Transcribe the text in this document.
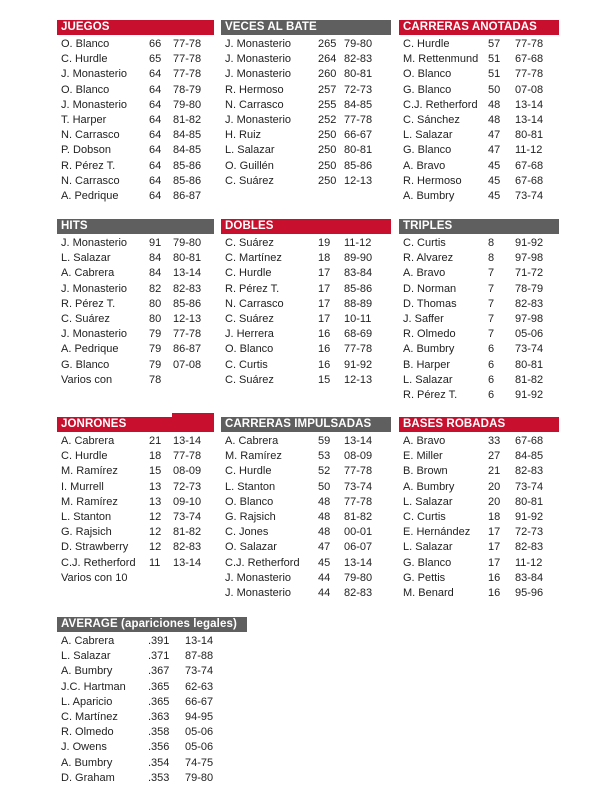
JUEGOS
O. Blanco	66 77-78
C. Hurdle	65 77-78
J. Monasterio 64 77-78
O. Blanco	64 78-79
J. Monasterio 64 79-80
T. Harper	64 81-82
N. Carrasco	64 84-85
P. Dobson	64 84-85
R. Pérez T.	64 85-86
N. Carrasco	64 85-86
A. Pedrique	64 86-87
VECES AL BATE
J. Monasterio 265 79-80
J. Monasterio 264 82-83
J. Monasterio 260 80-81
R. Hermoso	257 72-73
N. Carrasco	255 84-85
J. Monasterio 252 77-78
H. Ruiz	250 66-67
L. Salazar	250 80-81
O. Guillén	250 85-86
C. Suárez	250 12-13
CARRERAS ANOTADAS
C. Hurdle	57 77-78
M. Rettenmund 51 67-68
O. Blanco	51 77-78
G. Blanco	50 07-08
C.J. Retherford 48 13-14
C. Sánchez	48 13-14
L. Salazar	47 80-81
G. Blanco	47 11-12
A. Bravo	45 67-68
R. Hermoso 45 67-68
A. Bumbry	45 73-74
HITS
J. Monasterio 91 79-80
L. Salazar	84 80-81
A. Cabrera	84 13-14
J. Monasterio 82 82-83
R. Pérez T.	80 85-86
C. Suárez	80 12-13
J. Monasterio 79 77-78
A. Pedrique	79 86-87
G. Blanco	79 07-08
Varios con	78
DOBLES
C. Suárez	19 11-12
C. Martínez	18 89-90
C. Hurdle	17 83-84
R. Pérez T.	17 85-86
N. Carrasco	17 88-89
C. Suárez	17 10-11
J. Herrera	16 68-69
O. Blanco	16 77-78
C. Curtis	16 91-92
C. Suárez	15 12-13
TRIPLES
C. Curtis	8 91-92
R. Alvarez	8 97-98
A. Bravo	7 71-72
D. Norman	7 78-79
D. Thomas	7 82-83
J. Saffer	7 97-98
R. Olmedo	7 05-06
A. Bumbry	6 73-74
B. Harper	6 80-81
L. Salazar	6 81-82
R. Pérez T.	6 91-92
JONRONES
A. Cabrera	21 13-14
C. Hurdle	18 77-78
M. Ramírez	15 08-09
I. Murrell	13 72-73
M. Ramírez	13 09-10
L. Stanton	12 73-74
G. Rajsich	12 81-82
D. Strawberry 12 82-83
C.J. Retherford 11 13-14
Varios con 10
CARRERAS IMPULSADAS
A. Cabrera	59 13-14
M. Ramírez	53 08-09
C. Hurdle	52 77-78
L. Stanton	50 73-74
O. Blanco	48 77-78
G. Rajsich	48 81-82
C. Jones	48 00-01
O. Salazar	47 06-07
C.J. Retherford 45 13-14
J. Monasterio 44 79-80
J. Monasterio 44 82-83
BASES ROBADAS
A. Bravo	33 67-68
E. Miller	27 84-85
B. Brown	21 82-83
A. Bumbry	20 73-74
L. Salazar	20 80-81
C. Curtis	18 91-92
E. Hernández 17 72-73
L. Salazar	17 82-83
G. Blanco	17 11-12
G. Pettis	16 83-84
M. Benard	16 95-96
AVERAGE (apariciones legales)
A. Cabrera	.391 13-14
L. Salazar	.371 87-88
A. Bumbry	.367 73-74
J.C. Hartman .365 62-63
L. Aparicio	.365 66-67
C. Martínez	.363 94-95
R. Olmedo	.358 05-06
J. Owens	.356 05-06
A. Bumbry	.354 74-75
D. Graham	.353 79-80
